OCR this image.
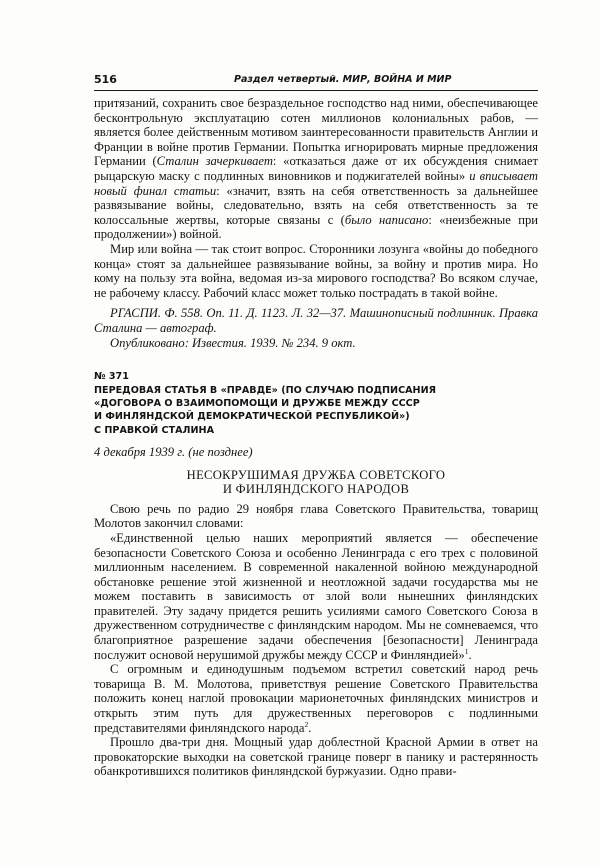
516	Раздел четвертый. МИР, ВОЙНА И МИР

притязаний, сохранить свое безраздельное господство над ними, обеспечивающее бесконтрольную эксплуатацию сотен миллионов колониальных рабов, — является более действенным мотивом заинтересованности правительств Англии и Франции в войне против Германии. Попытка игнорировать мирные предложения Германии (Сталин зачеркивает: «отказаться даже от их обсуждения снимает рыцарскую маску с подлинных виновников и поджигателей войны» и вписывает новый финал статьи: «значит, взять на себя ответственность за дальнейшее развязывание войны, следовательно, взять на себя ответственность за те колоссальные жертвы, которые связаны с (было написано: «неизбежные при продолжении») войной.

Мир или война — так стоит вопрос. Сторонники лозунга «войны до победного конца» стоят за дальнейшее развязывание войны, за войну и против мира. Но кому на пользу эта война, ведомая из-за мирового господства? Во всяком случае, не рабочему классу. Рабочий класс может только пострадать в такой войне.

РГАСПИ. Ф. 558. Оп. 11. Д. 1123. Л. 32—37. Машинописный подлинник. Правка Сталина — автограф.

Опубликовано: Известия. 1939. № 234. 9 окт.

№ 371

ПЕРЕДОВАЯ СТАТЬЯ В «ПРАВДЕ» (ПО СЛУЧАЮ ПОДПИСАНИЯ

«ДОГОВОРА О ВЗАИМОПОМОЩИ И ДРУЖБЕ МЕЖДУ СССР

И ФИНЛЯНДСКОЙ ДЕМОКРАТИЧЕСКОЙ РЕСПУБЛИКОЙ»)

С ПРАВКОЙ СТАЛИНА

4 декабря 1939 г. (не позднее)

НЕСОКРУШИМАЯ ДРУЖБА СОВЕТСКОГО

И ФИНЛЯНДСКОГО НАРОДОВ

Свою речь по радио 29 ноября глава Советского Правительства, товарищ Молотов закончил словами:

«Единственной целью наших мероприятий является — обеспечение безопасности Советского Союза и особенно Ленинграда с его трех с половиной миллионным населением. В современной накаленной войною международной обстановке решение этой жизненной и неотложной задачи государства мы не можем поставить в зависимость от злой воли нынешних финляндских правителей. Эту задачу придется решить усилиями самого Советского Союза в дружественном сотрудничестве с финляндским народом. Мы не сомневаемся, что благоприятное разрешение задачи обеспечения [безопасности] Ленинграда послужит основой нерушимой дружбы между СССР и Финляндией»$^1$.

С огромным и единодушным подъемом встретил советский народ речь товарища В. М. Молотова, приветствуя решение Советского Правительства положить конец наглой провокации марионеточных финляндских министров и открыть этим путь для дружественных переговоров с подлинными представителями финляндского народа$^2$.

Прошло два-три дня. Мощный удар доблестной Красной Армии в ответ на провокаторские выходки на советской границе поверг в панику и растерянность обанкротившихся политиков финляндской буржуазии. Одно прави-
